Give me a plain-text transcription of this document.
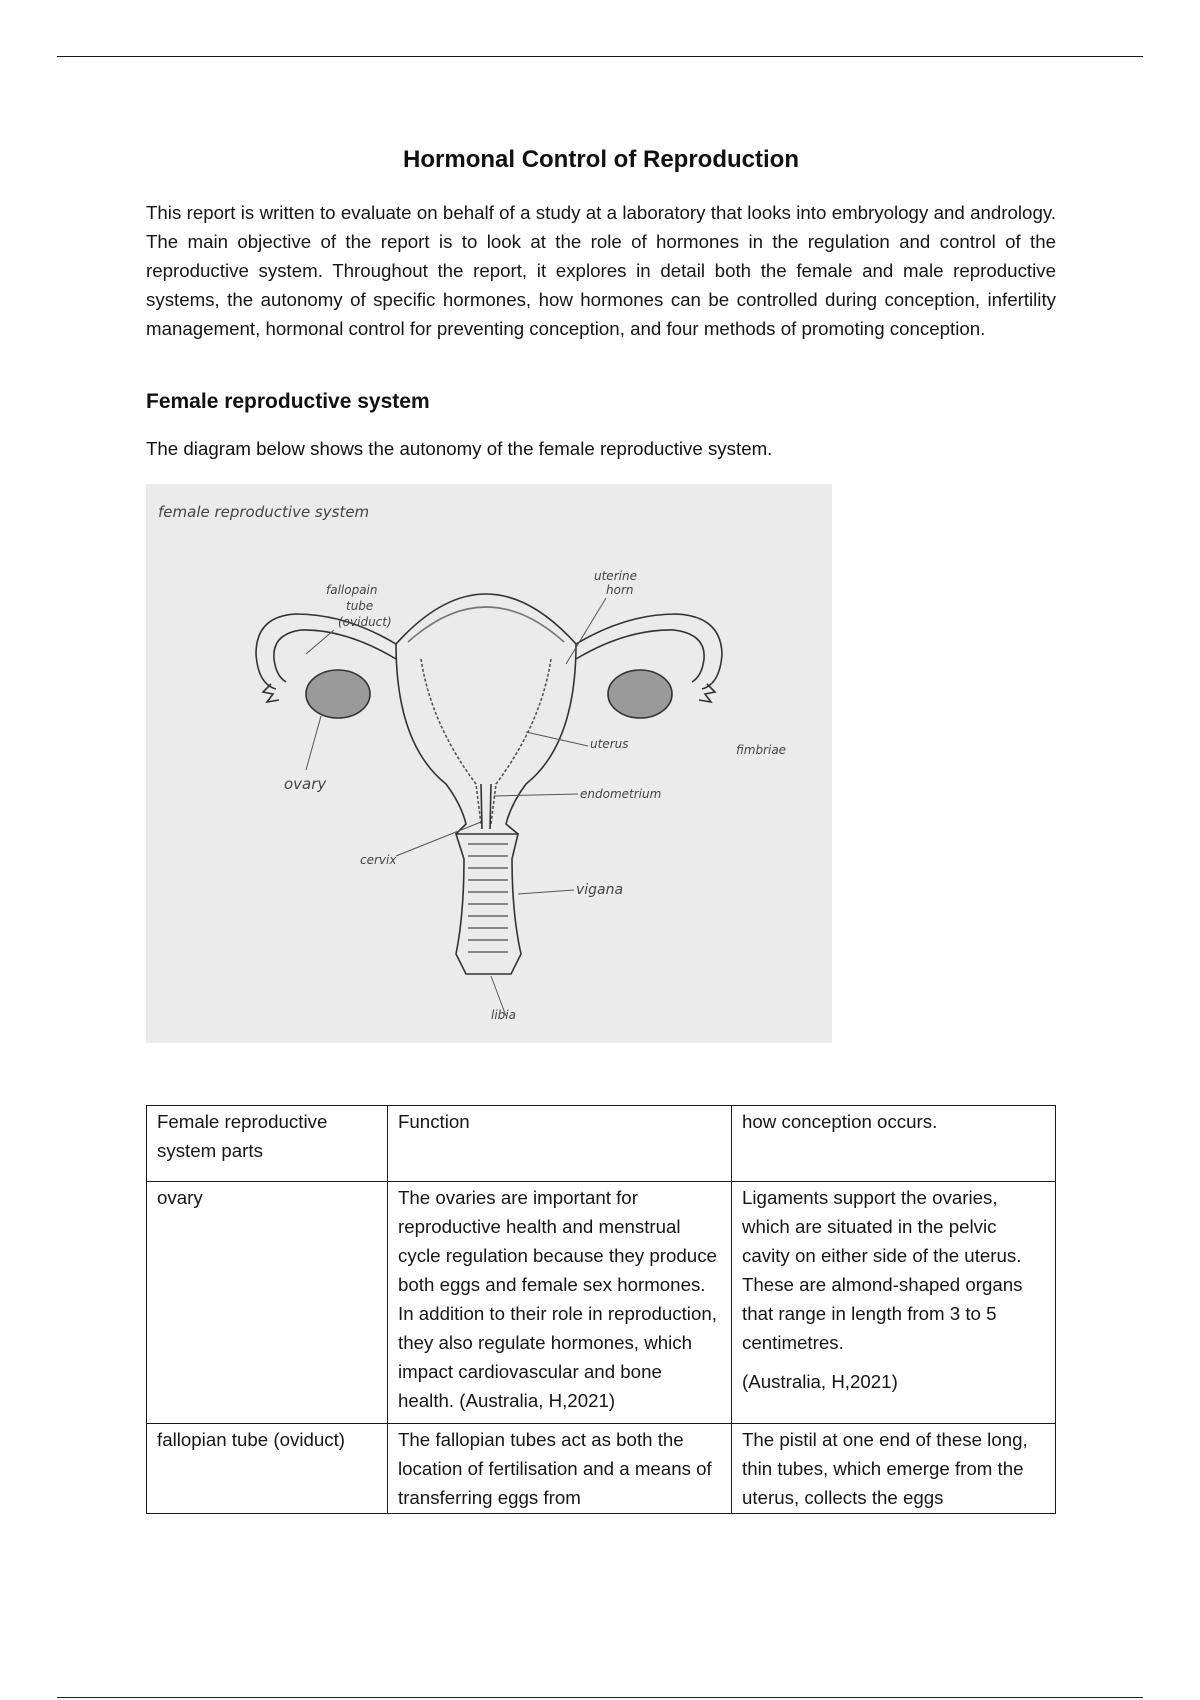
Hormonal Control of Reproduction

This report is written to evaluate on behalf of a study at a laboratory that looks into embryology and andrology. The main objective of the report is to look at the role of hormones in the regulation and control of the reproductive system. Throughout the report, it explores in detail both the female and male reproductive systems, the autonomy of specific hormones, how hormones can be controlled during conception, infertility management, hormonal control for preventing conception, and four methods of promoting conception.

Female reproductive system

The diagram below shows the autonomy of the female reproductive system.

female reproductive system
fallopain
tube
(oviduct)
uterine
horn
uterus	fimbriae
ovary
endometrium
cervix
vigana
libia
Female reproductive system parts	Function	how conception occurs.
ovary	The ovaries are important for reproductive health and menstrual cycle regulation because they produce both eggs and female sex hormones. In addition to their role in reproduction, they also regulate hormones, which impact cardiovascular and bone health. (Australia, H,2021)	Ligaments support the ovaries, which are situated in the pelvic cavity on either side of the uterus. These are almond-shaped organs that range in length from 3 to 5 centimetres.
(Australia, H,2021)

fallopian tube (oviduct)	The fallopian tubes act as both the location of fertilisation and a means of transferring eggs from	The pistil at one end of these long, thin tubes, which emerge from the uterus, collects the eggs
